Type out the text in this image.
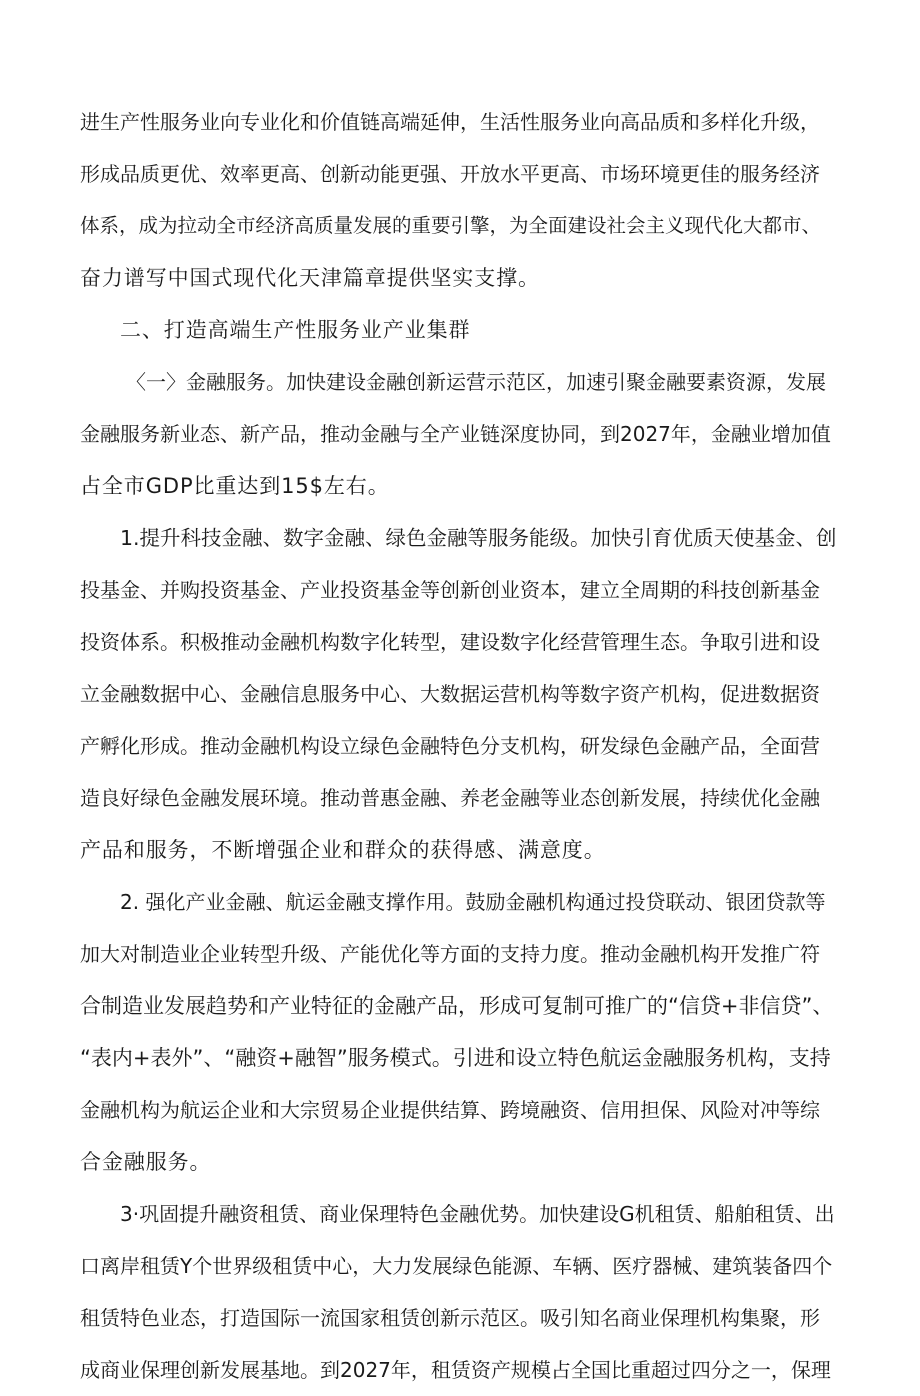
进生产性服务业向专业化和价值链高端延伸，生活性服务业向高品质和多样化升级，
形成品质更优、效率更高、创新动能更强、开放水平更高、市场环境更佳的服务经济
体系，成为拉动全市经济高质量发展的重要引擎，为全面建设社会主义现代化大都市、
奋力谱写中国式现代化天津篇章提供坚实支撑。
二、打造高端生产性服务业产业集群
〈一〉金融服务。加快建设金融创新运营示范区，加速引聚金融要素资源，发展
金融服务新业态、新产品，推动金融与全产业链深度协同，到2027年，金融业增加值
占全市GDP比重达到15$左右。
1.提升科技金融、数字金融、绿色金融等服务能级。加快引育优质天使基金、创
投基金、并购投资基金、产业投资基金等创新创业资本，建立全周期的科技创新基金
投资体系。积极推动金融机构数字化转型，建设数字化经营管理生态。争取引进和设
立金融数据中心、金融信息服务中心、大数据运营机构等数字资产机构，促进数据资
产孵化形成。推动金融机构设立绿色金融特色分支机构，研发绿色金融产品，全面营
造良好绿色金融发展环境。推动普惠金融、养老金融等业态创新发展，持续优化金融
产品和服务，不断增强企业和群众的获得感、满意度。
2. 强化产业金融、航运金融支撑作用。鼓励金融机构通过投贷联动、银团贷款等
加大对制造业企业转型升级、产能优化等方面的支持力度。推动金融机构开发推广符
合制造业发展趋势和产业特征的金融产品，形成可复制可推广的“信贷+非信贷”、
“表内+表外”、“融资+融智”服务模式。引进和设立特色航运金融服务机构，支持
金融机构为航运企业和大宗贸易企业提供结算、跨境融资、信用担保、风险对冲等综
合金融服务。
3·巩固提升融资租赁、商业保理特色金融优势。加快建设G机租赁、船舶租赁、出
口离岸租赁Y个世界级租赁中心，大力发展绿色能源、车辆、医疗器械、建筑装备四个
租赁特色业态，打造国际一流国家租赁创新示范区。吸引知名商业保理机构集聚，形
成商业保理创新发展基地。到2027年，租赁资产规模占全国比重超过四分之一，保理
